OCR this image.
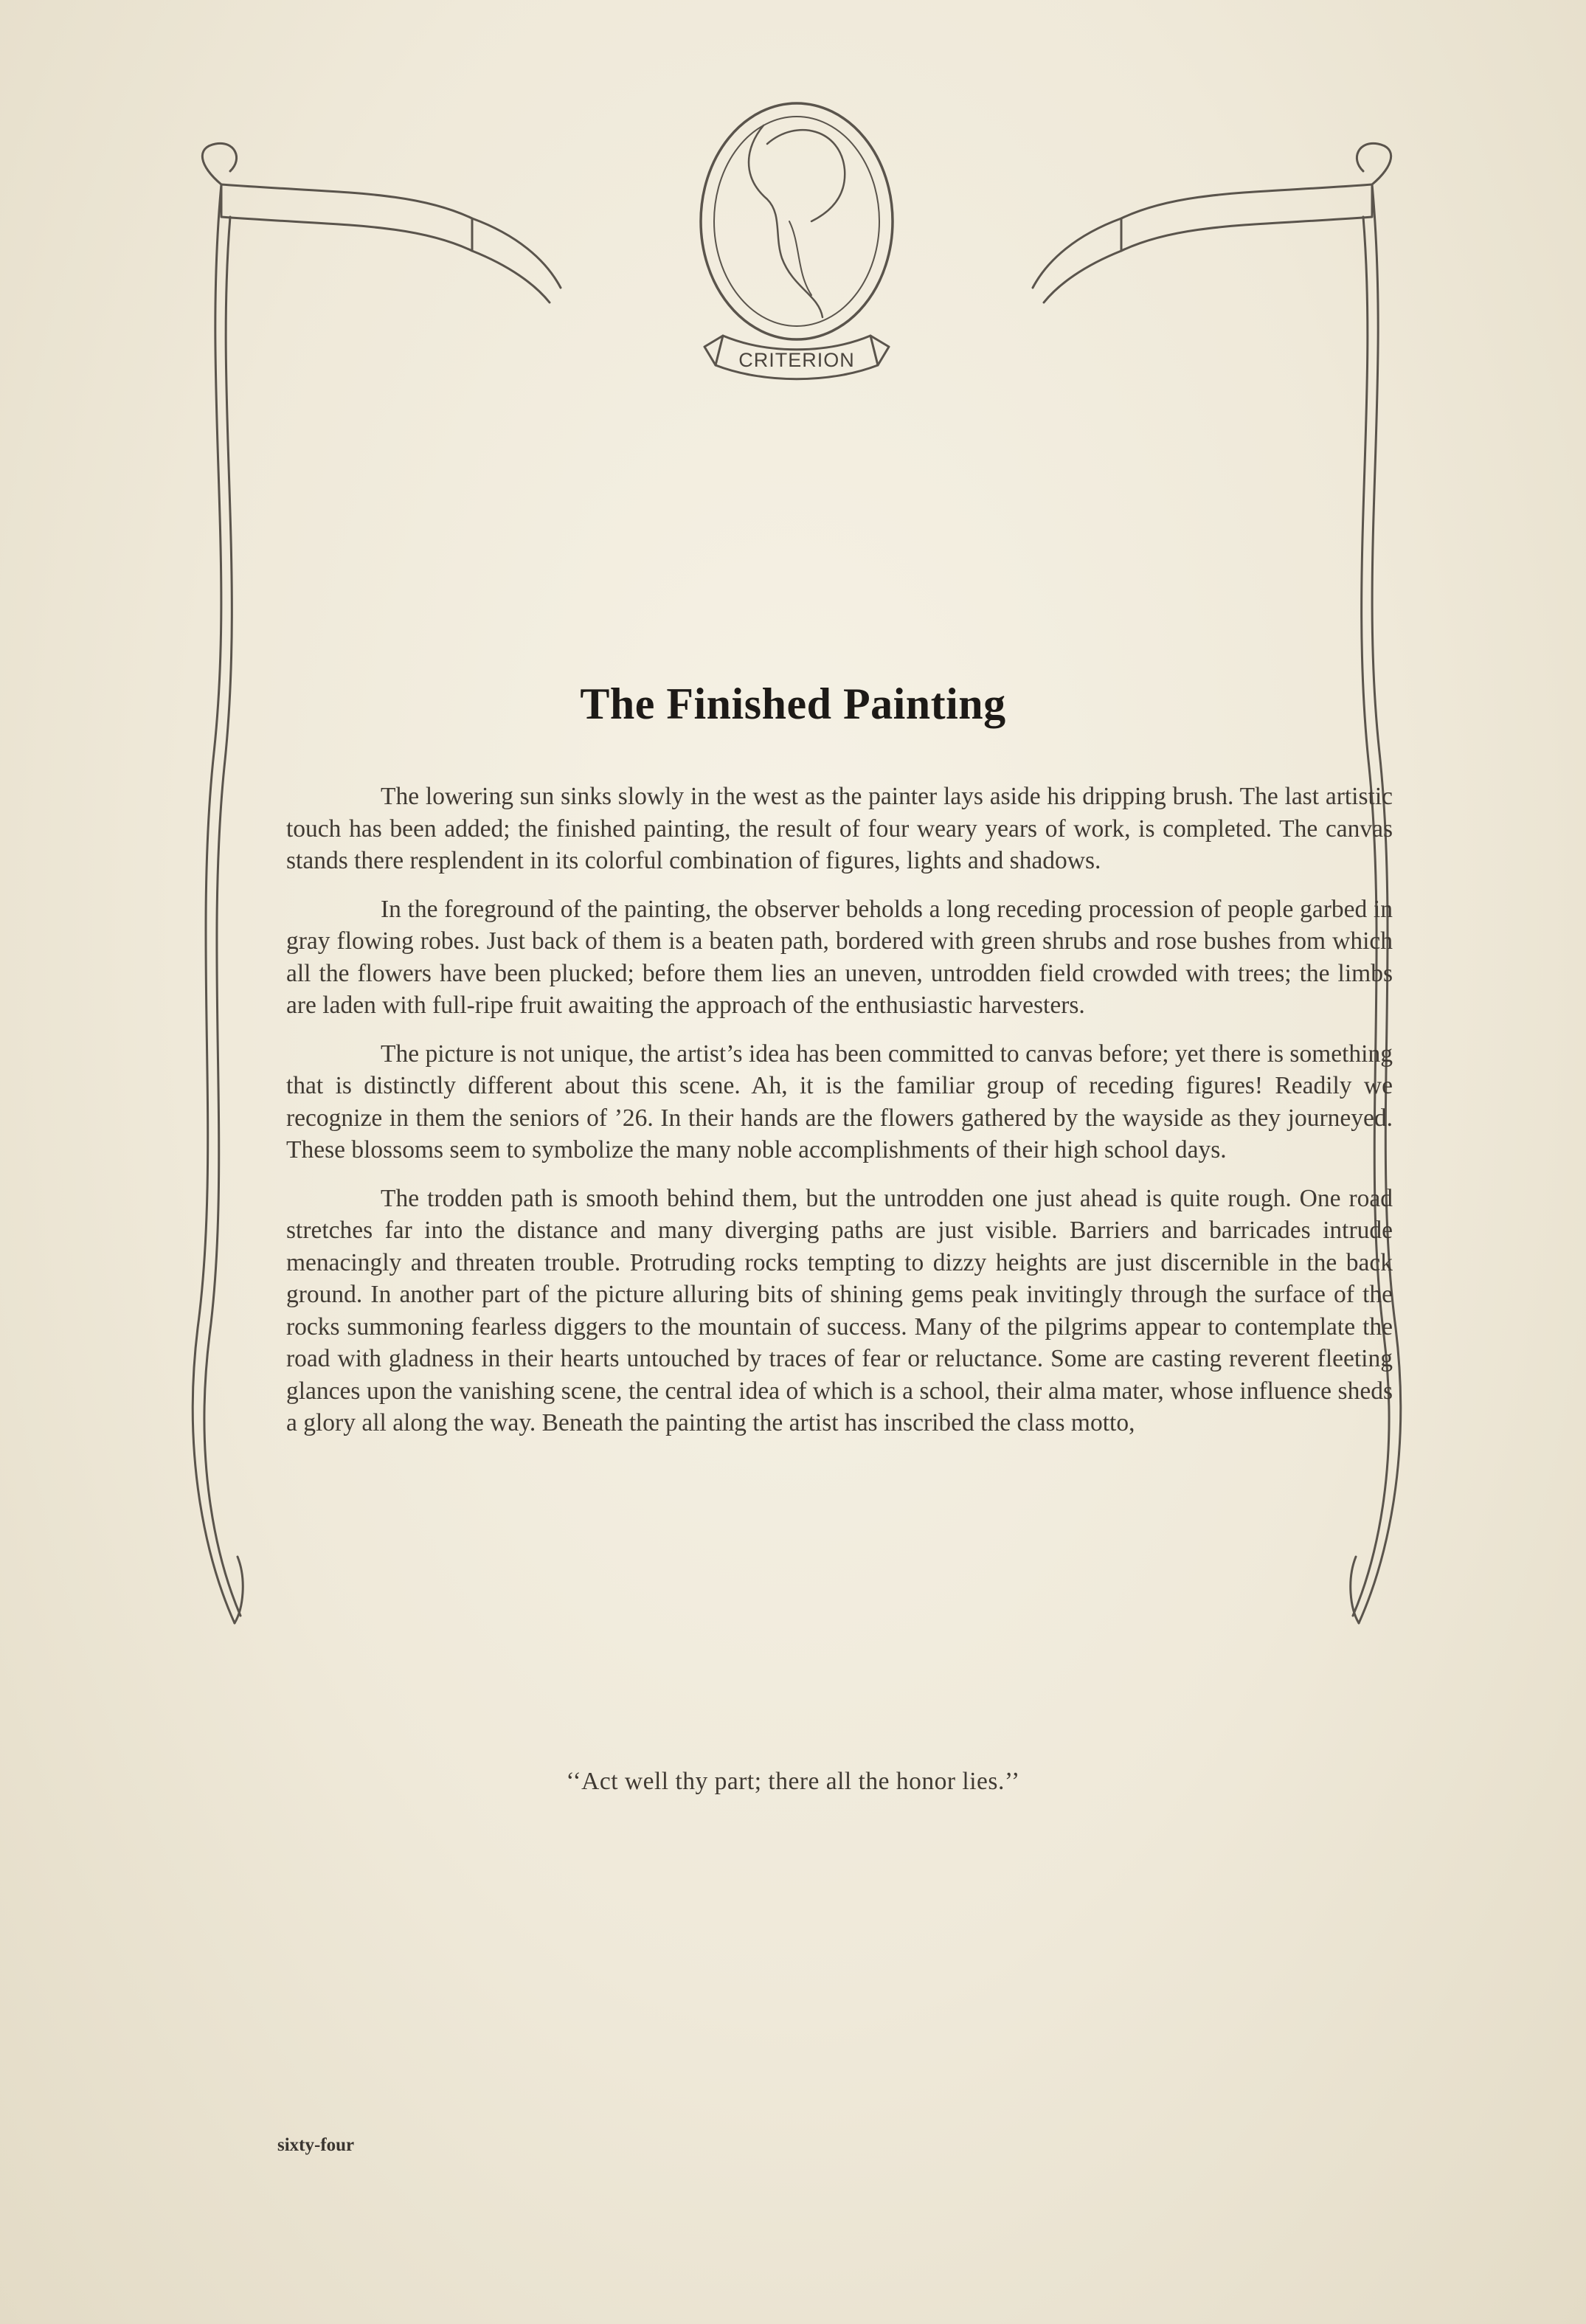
CRITERION
The Finished Painting

The lowering sun sinks slowly in the west as the painter lays aside his dripping brush. The last artistic touch has been added; the finished painting, the result of four weary years of work, is completed. The canvas stands there resplendent in its colorful combination of figures, lights and shadows.

In the foreground of the painting, the observer beholds a long receding procession of people garbed in gray flowing robes. Just back of them is a beaten path, bordered with green shrubs and rose bushes from which all the flowers have been plucked; before them lies an uneven, untrodden field crowded with trees; the limbs are laden with full-ripe fruit awaiting the approach of the enthusiastic harvesters.

The picture is not unique, the artist’s idea has been committed to canvas before; yet there is something that is distinctly different about this scene. Ah, it is the familiar group of receding figures! Readily we recognize in them the seniors of ’26. In their hands are the flowers gathered by the wayside as they journeyed. These blossoms seem to symbolize the many noble accomplishments of their high school days.

The trodden path is smooth behind them, but the untrodden one just ahead is quite rough. One road stretches far into the distance and many diverging paths are just visible. Barriers and barricades intrude menacingly and threaten trouble. Protruding rocks tempting to dizzy heights are just discernible in the back ground. In another part of the picture alluring bits of shining gems peak invitingly through the surface of the rocks summoning fearless diggers to the mountain of success. Many of the pilgrims appear to contemplate the road with gladness in their hearts untouched by traces of fear or reluctance. Some are casting reverent fleeting glances upon the vanishing scene, the central idea of which is a school, their alma mater, whose influence sheds a glory all along the way. Beneath the painting the artist has inscribed the class motto,

‘‘Act well thy part; there all the honor lies.’’
sixty-four
